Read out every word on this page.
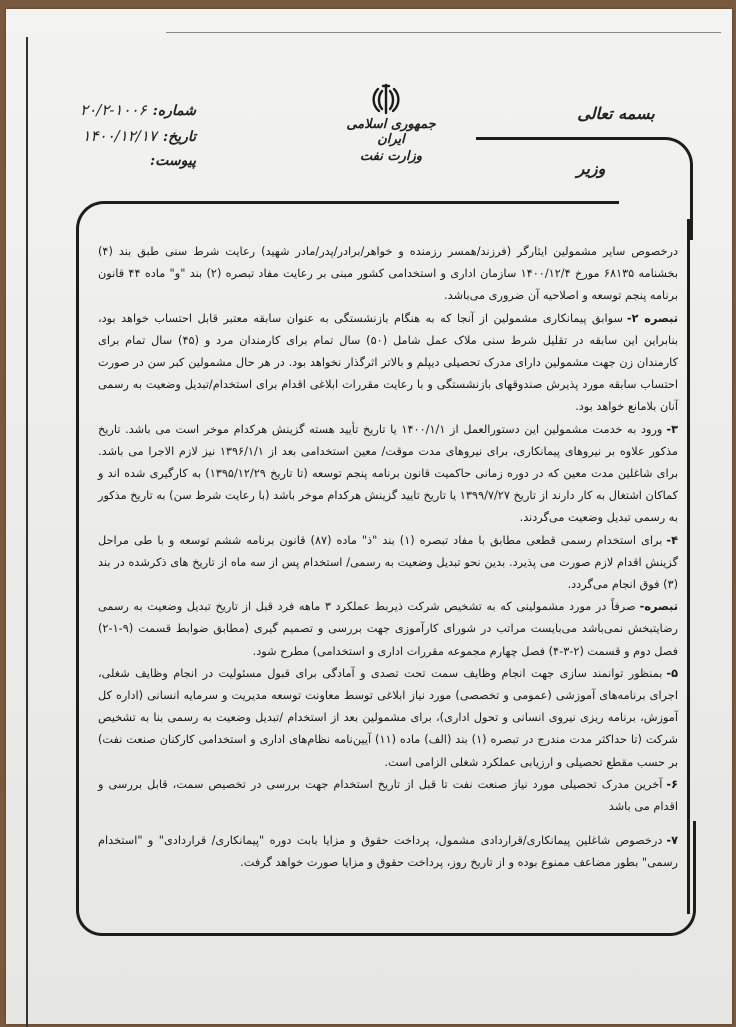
شماره:
۲۰/۲-۱۰۰۶
تاریخ:
۱۴۰۰/۱۲/۱۷
پیوست:
جمهوری اسلامی ایران
وزارت نفت
بسمه تعالی
وزیر

درخصوص سایر مشمولین ایثارگر (فرزند/همسر رزمنده و خواهر/برادر/پدر/مادر شهید) رعایت شرط سنی طبق بند (۴) بخشنامه ۶۸۱۳۵ مورخ ۱۴۰۰/۱۲/۴ سازمان اداری و استخدامی کشور مبنی بر رعایت مفاد تبصره (۲) بند "و" ماده ۴۴ قانون برنامه پنجم توسعه و اصلاحیه آن ضروری می‌باشد.

تبصره ۲-سوابق پیمانکاری مشمولین از آنجا که به هنگام بازنشستگی به عنوان سابقه معتبر قابل احتساب خواهد بود، بنابراین این سابقه در تقلیل شرط سنی ملاک عمل شامل (۵۰) سال تمام برای کارمندان مرد و (۴۵) سال تمام برای کارمندان زن جهت مشمولین دارای مدرک تحصیلی دیپلم و بالاتر اثرگذار نخواهد بود. در هر حال مشمولین کبر سن در صورت احتساب سابقه مورد پذیرش صندوقهای بازنشستگی و با رعایت مقررات ابلاغی اقدام برای استخدام/تبدیل وضعیت به رسمی آنان بلامانع خواهد بود.

۳-ورود به خدمت مشمولین این دستورالعمل از ۱۴۰۰/۱/۱ یا تاریخ تأیید هسته گزینش هرکدام موخر است می باشد. تاریخ مذکور علاوه بر نیروهای پیمانکاری، برای نیروهای مدت موقت/ معین استخدامی بعد از ۱۳۹۶/۱/۱ نیز لازم الاجرا می باشد. برای شاغلین مدت معین که در دوره زمانی حاکمیت قانون برنامه پنجم توسعه (تا تاریخ ۱۳۹۵/۱۲/۲۹) به کارگیری شده اند و کماکان اشتغال به کار دارند از تاریخ ۱۳۹۹/۷/۲۷ یا تاریخ تایید گزینش هرکدام موخر باشد (با رعایت شرط سن) به تاریخ مذکور به رسمی تبدیل وضعیت می‌گردند.

۴-برای استخدام رسمی قطعی مطابق با مفاد تبصره (۱) بند "ذ" ماده (۸۷) قانون برنامه ششم توسعه و با طی مراحل گزینش اقدام لازم صورت می پذیرد. بدین نحو تبدیل وضعیت به رسمی/ استخدام پس از سه ماه از تاریخ های ذکرشده در بند (۳) فوق انجام می‌گردد.

تبصره-صرفاً در مورد مشمولینی که به تشخیص شرکت ذیربط عملکرد ۳ ماهه فرد قبل از تاریخ تبدیل وضعیت به رسمی رضایتبخش نمی‌باشد می‌بایست مراتب در شورای کارآموزی جهت بررسی و تصمیم گیری (مطابق ضوابط قسمت (۹-۱-۲) فصل دوم و قسمت (۲-۳-۴) فصل چهارم مجموعه مقررات اداری و استخدامی) مطرح شود.

۵-بمنظور توانمند سازی جهت انجام وظایف سمت تحت تصدی و آمادگی برای قبول مسئولیت در انجام وظایف شغلی، اجرای برنامه‌های آموزشی (عمومی و تخصصی) مورد نیاز ابلاغی توسط معاونت توسعه مدیریت و سرمایه انسانی (اداره کل آموزش، برنامه ریزی نیروی انسانی و تحول اداری)، برای مشمولین بعد از استخدام /تبدیل وضعیت به رسمی بنا به تشخیص شرکت (تا حداکثر مدت مندرج در تبصره (۱) بند (الف) ماده (۱۱) آیین‌نامه نظام‌های اداری و استخدامی کارکنان صنعت نفت) بر حسب مقطع تحصیلی و ارزیابی عملکرد شغلی الزامی است.

۶-آخرین مدرک تحصیلی مورد نیاز صنعت نفت تا قبل از تاریخ استخدام جهت بررسی در تخصیص سمت، قابل بررسی و اقدام می باشد

۷-درخصوص شاغلین پیمانکاری/قراردادی مشمول، پرداخت حقوق و مزایا بابت دوره "پیمانکاری/ قراردادی" و "استخدام رسمی" بطور مضاعف ممنوع بوده و از تاریخ روز، پرداخت حقوق و مزایا صورت خواهد گرفت.
